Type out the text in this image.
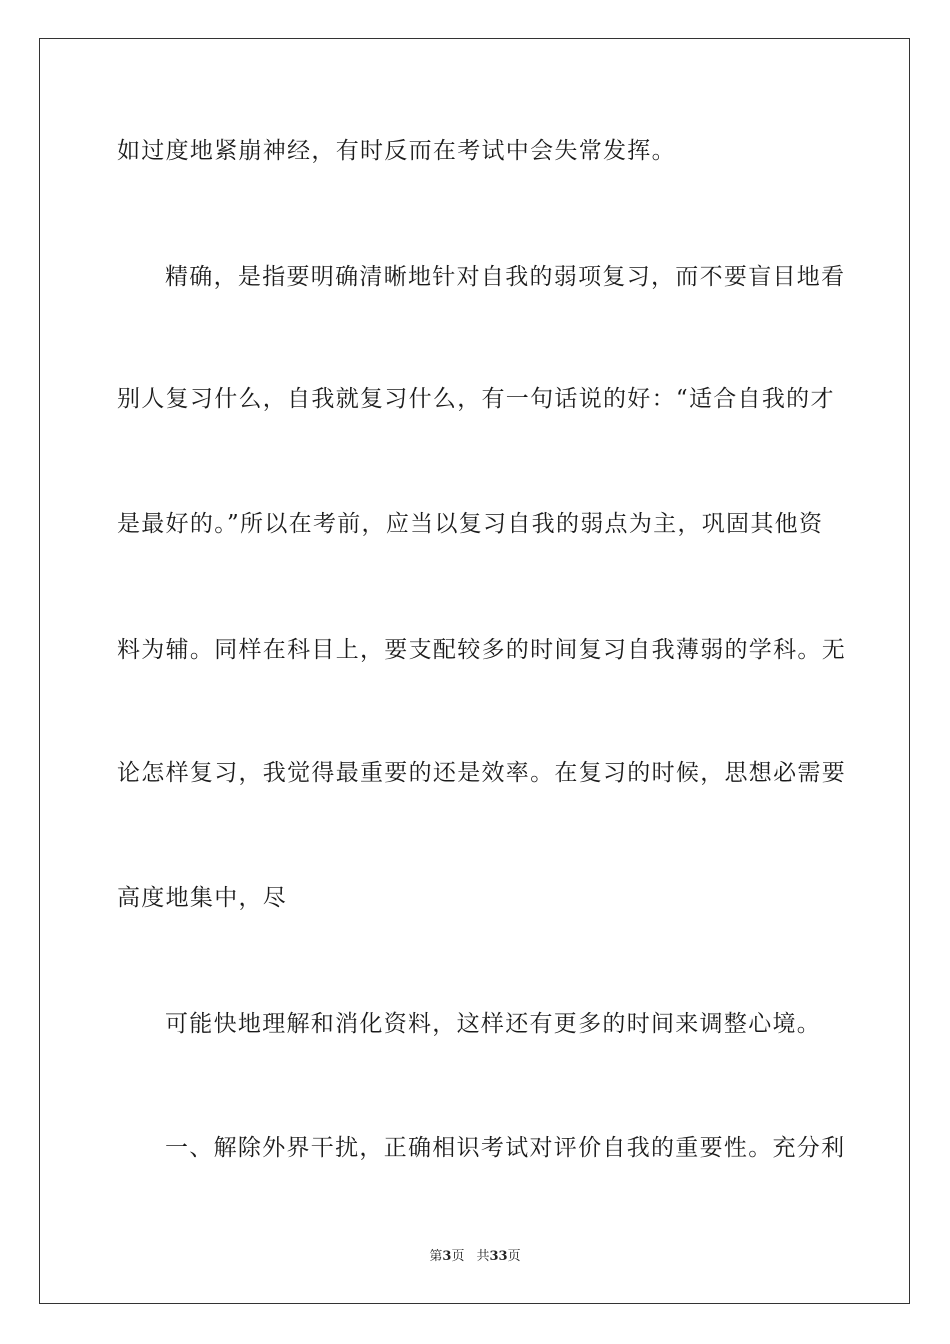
如过度地紧崩神经，有时反而在考试中会失常发挥。
精确，是指要明确清晰地针对自我的弱项复习，而不要盲目地看
别人复习什么，自我就复习什么，有一句话说的好：“适合自我的才
是最好的。”所以在考前，应当以复习自我的弱点为主，巩固其他资
料为辅。同样在科目上，要支配较多的时间复习自我薄弱的学科。无
论怎样复习，我觉得最重要的还是效率。在复习的时候，思想必需要
高度地集中，尽
可能快地理解和消化资料，这样还有更多的时间来调整心境。
一、解除外界干扰，正确相识考试对评价自我的重要性。充分利
第3页 共33页
